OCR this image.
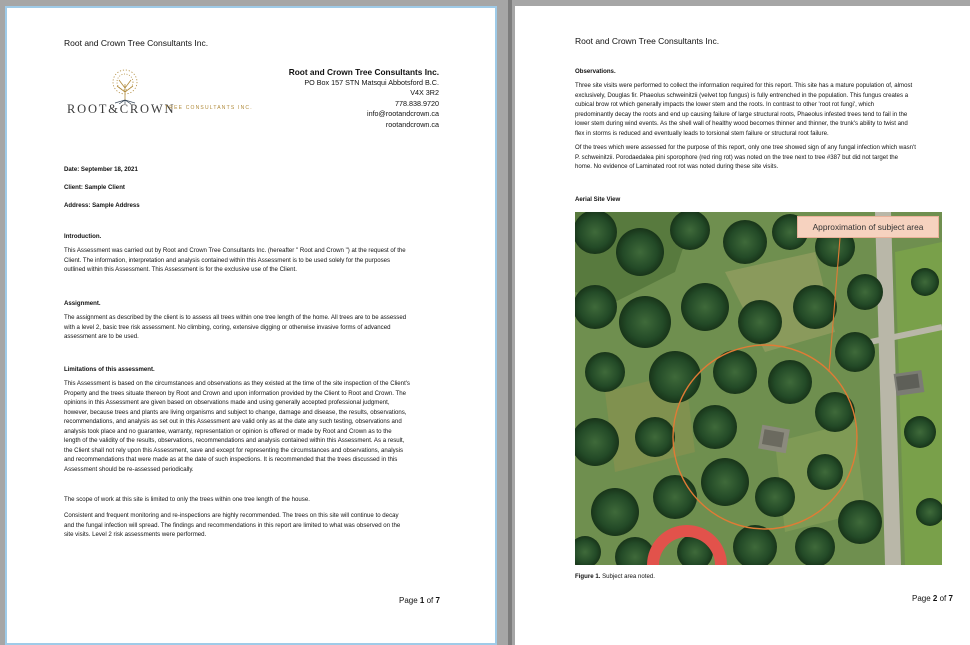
Root and Crown Tree Consultants Inc.
ROOT&CROWN
TREE CONSULTANTS INC.
Root and Crown Tree Consultants Inc.
PO Box 157 STN Matsqui Abbotsford B.C.
V4X 3R2
778.838.9720
info@rootandcrown.ca
rootandcrown.ca
Date: September 18, 2021
Client: Sample Client
Address: Sample Address
Introduction.
This Assessment was carried out by Root and Crown Tree Consultants Inc. (hereafter " Root and Crown ") at the request of the
Client. The information, interpretation and analysis contained within this Assessment is to be used solely for the purposes
outlined within this Assessment. This Assessment is for the exclusive use of the Client.
Assignment.
The assignment as described by the client is to assess all trees within one tree length of the home. All trees are to be assessed
with a level 2, basic tree risk assessment. No climbing, coring, extensive digging or otherwise invasive forms of advanced
assessment are to be used.
Limitations of this assessment.
This Assessment is based on the circumstances and observations as they existed at the time of the site inspection of the Client's
Property and the trees situate thereon by Root and Crown and upon information provided by the Client to Root and Crown. The
opinions in this Assessment are given based on observations made and using generally accepted professional judgment,
however, because trees and plants are living organisms and subject to change, damage and disease, the results, observations,
recommendations, and analysis as set out in this Assessment are valid only as at the date any such testing, observations and
analysis took place and no guarantee, warranty, representation or opinion is offered or made by Root and Crown as to the
length of the validity of the results, observations, recommendations and analysis contained within this Assessment. As a result,
the Client shall not rely upon this Assessment, save and except for representing the circumstances and observations, analysis
and recommendations that were made as at the date of such inspections. It is recommended that the trees discussed in this
Assessment should be re-assessed periodically.
The scope of work at this site is limited to only the trees within one tree length of the house.
Consistent and frequent monitoring and re-inspections are highly recommended. The trees on this site will continue to decay
and the fungal infection will spread. The findings and recommendations in this report are limited to what was observed on the
site visits. Level 2 risk assessments were performed.
Page 1 of 7
Root and Crown Tree Consultants Inc.
Observations.
Three site visits were performed to collect the information required for this report. This site has a mature population of, almost
exclusively, Douglas fir. Phaeolus schweinitzii (velvet top fungus) is fully entrenched in the population. This fungus creates a
cubical brow rot which generally impacts the lower stem and the roots. In contrast to other 'root rot fungi', which
predominantly decay the roots and end up causing failure of large structural roots, Phaeolus infested trees tend to fail in the
lower stem during wind events. As the shell wall of healthy wood becomes thinner and thinner, the trunk's ability to twist and
flex in storms is reduced and eventually leads to torsional stem failure or structural root failure.
Of the trees which were assessed for the purpose of this report, only one tree showed sign of any fungal infection which wasn't
P. schweinitzii. Porodaedalea pini sporophore (red ring rot) was noted on the tree next to tree #387 but did not target the
home. No evidence of Laminated root rot was noted during these site visits.
Aerial Site View
Approximation of subject area
Figure 1. Subject area noted.
Page 2 of 7
